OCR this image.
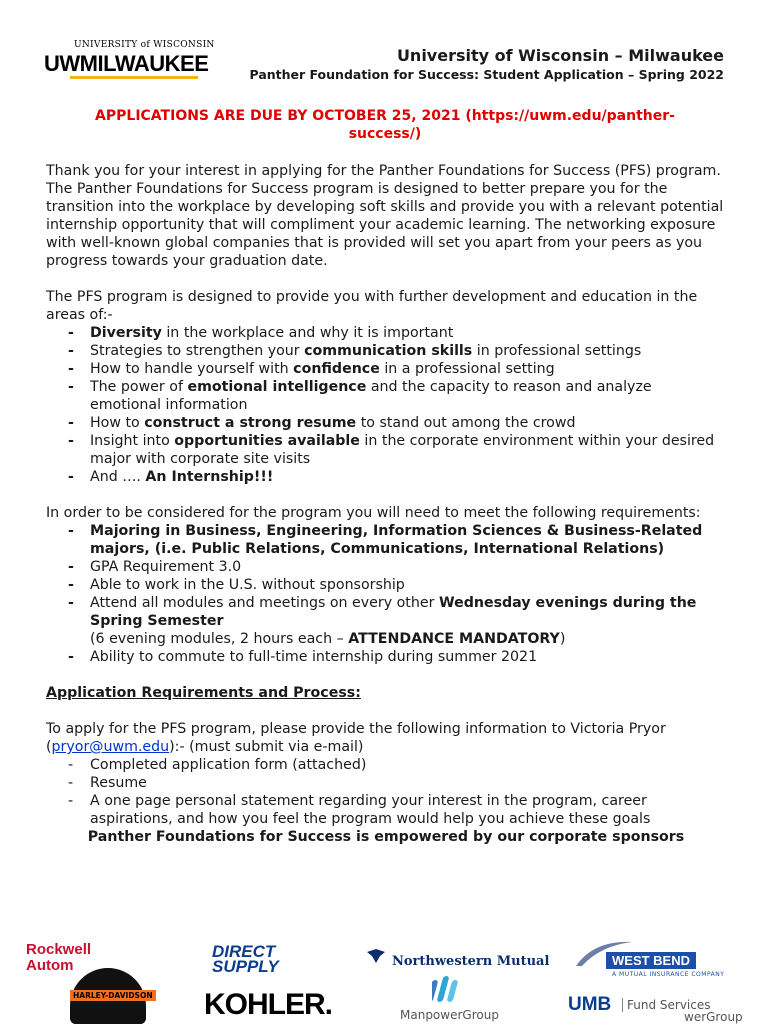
UNIVERSITY of WISCONSIN
UWMILWAUKEE	University of Wisconsin – Milwaukee
Panther Foundation for Success: Student Application – Spring 2022
APPLICATIONS ARE DUE BY OCTOBER 25, 2021 (https://uwm.edu/panther-success/)

Thank you for your interest in applying for the Panther Foundations for Success (PFS) program.

The Panther Foundations for Success program is designed to better prepare you for the transition into the workplace by developing soft skills and provide you with a relevant potential internship opportunity that will compliment your academic learning. The networking exposure with well-known global companies that is provided will set you apart from your peers as you progress towards your graduation date.

The PFS program is designed to provide you with further development and education in the areas of:-

- Diversity in the workplace and why it is important
- Strategies to strengthen your communication skills in professional settings
- How to handle yourself with confidence in a professional setting
- The power of emotional intelligence and the capacity to reason and analyze emotional information
- How to construct a strong resume to stand out among the crowd
- Insight into opportunities available in the corporate environment within your desired major with corporate site visits
- And …. An Internship!!!

In order to be considered for the program you will need to meet the following requirements:

- Majoring in Business, Engineering, Information Sciences & Business-Related majors, (i.e. Public Relations, Communications, International Relations)
- GPA Requirement 3.0
- Able to work in the U.S. without sponsorship
- Attend all modules and meetings on every other Wednesday evenings during the Spring Semester
(6 evening modules, 2 hours each – ATTENDANCE MANDATORY)
- Ability to commute to full-time internship during summer 2021

Application Requirements and Process:

To apply for the PFS program, please provide the following information to Victoria Pryor (pryor@uwm.edu):- (must submit via e-mail)

- Completed application form (attached)
- Resume
- A one page personal statement regarding your interest in the program, career aspirations, and how you feel the program would help you achieve these goals

Panther Foundations for Success is empowered by our corporate sponsors

Rockwell
Autom
HARLEY-DAVIDSON
DIRECT
SUPPLY
KOHLER.
Northwestern Mutual
ManpowerGroup
WEST BEND
A MUTUAL INSURANCE COMPANY
UMB	Fund Services
werGroup
